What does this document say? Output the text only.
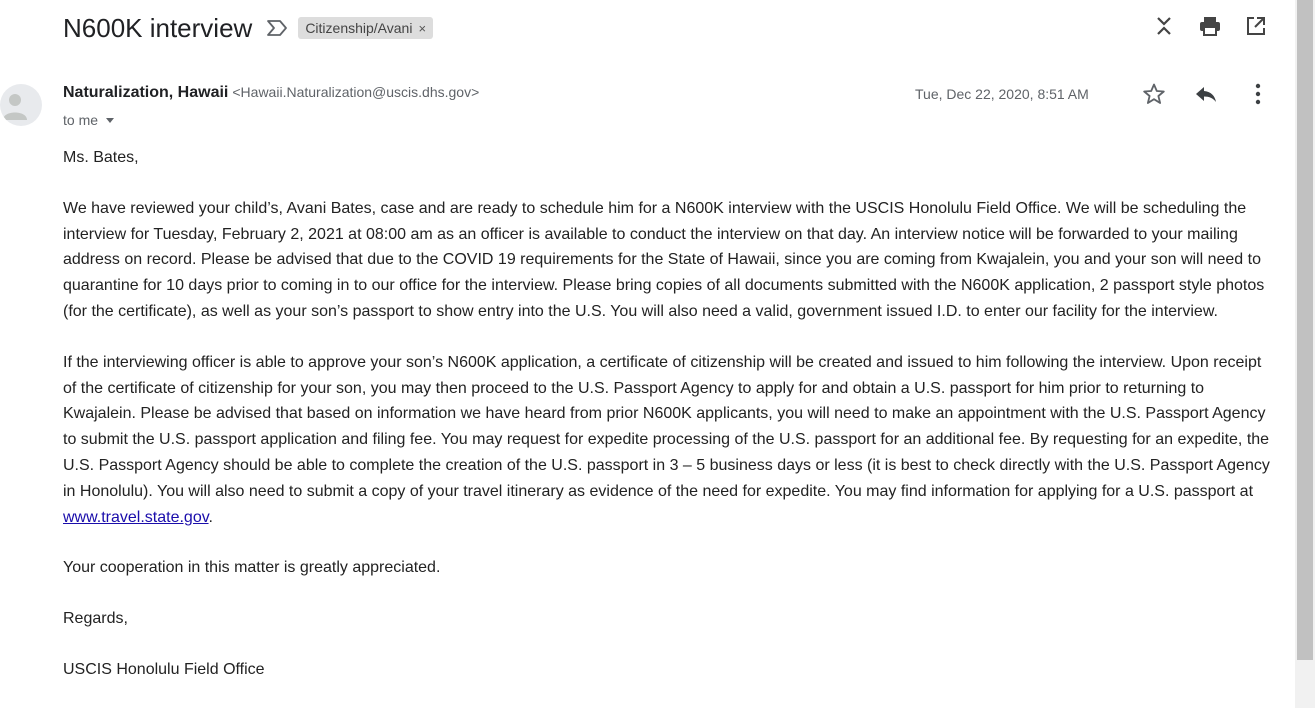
N600K interview	Citizenship/Avani ×
Naturalization, Hawaii <Hawaii.Naturalization@uscis.dhs.gov>
to me
Tue, Dec 22, 2020, 8:51 AM

Ms. Bates,

We have reviewed your child’s, Avani Bates, case and are ready to schedule him for a N600K interview with the USCIS Honolulu Field Office. We will be scheduling the interview for Tuesday, February 2, 2021 at 08:00 am as an officer is available to conduct the interview on that day. An interview notice will be forwarded to your mailing address on record. Please be advised that due to the COVID 19 requirements for the State of Hawaii, since you are coming from Kwajalein, you and your son will need to quarantine for 10 days prior to coming in to our office for the interview. Please bring copies of all documents submitted with the N600K application, 2 passport style photos (for the certificate), as well as your son’s passport to show entry into the U.S. You will also need a valid, government issued I.D. to enter our facility for the interview.

If the interviewing officer is able to approve your son’s N600K application, a certificate of citizenship will be created and issued to him following the interview. Upon receipt of the certificate of citizenship for your son, you may then proceed to the U.S. Passport Agency to apply for and obtain a U.S. passport for him prior to returning to Kwajalein. Please be advised that based on information we have heard from prior N600K applicants, you will need to make an appointment with the U.S. Passport Agency to submit the U.S. passport application and filing fee. You may request for expedite processing of the U.S. passport for an additional fee. By requesting for an expedite, the U.S. Passport Agency should be able to complete the creation of the U.S. passport in 3 – 5 business days or less (it is best to check directly with the U.S. Passport Agency in Honolulu). You will also need to submit a copy of your travel itinerary as evidence of the need for expedite. You may find information for applying for a U.S. passport at www.travel.state.gov.

Your cooperation in this matter is greatly appreciated.

Regards,

USCIS Honolulu Field Office
